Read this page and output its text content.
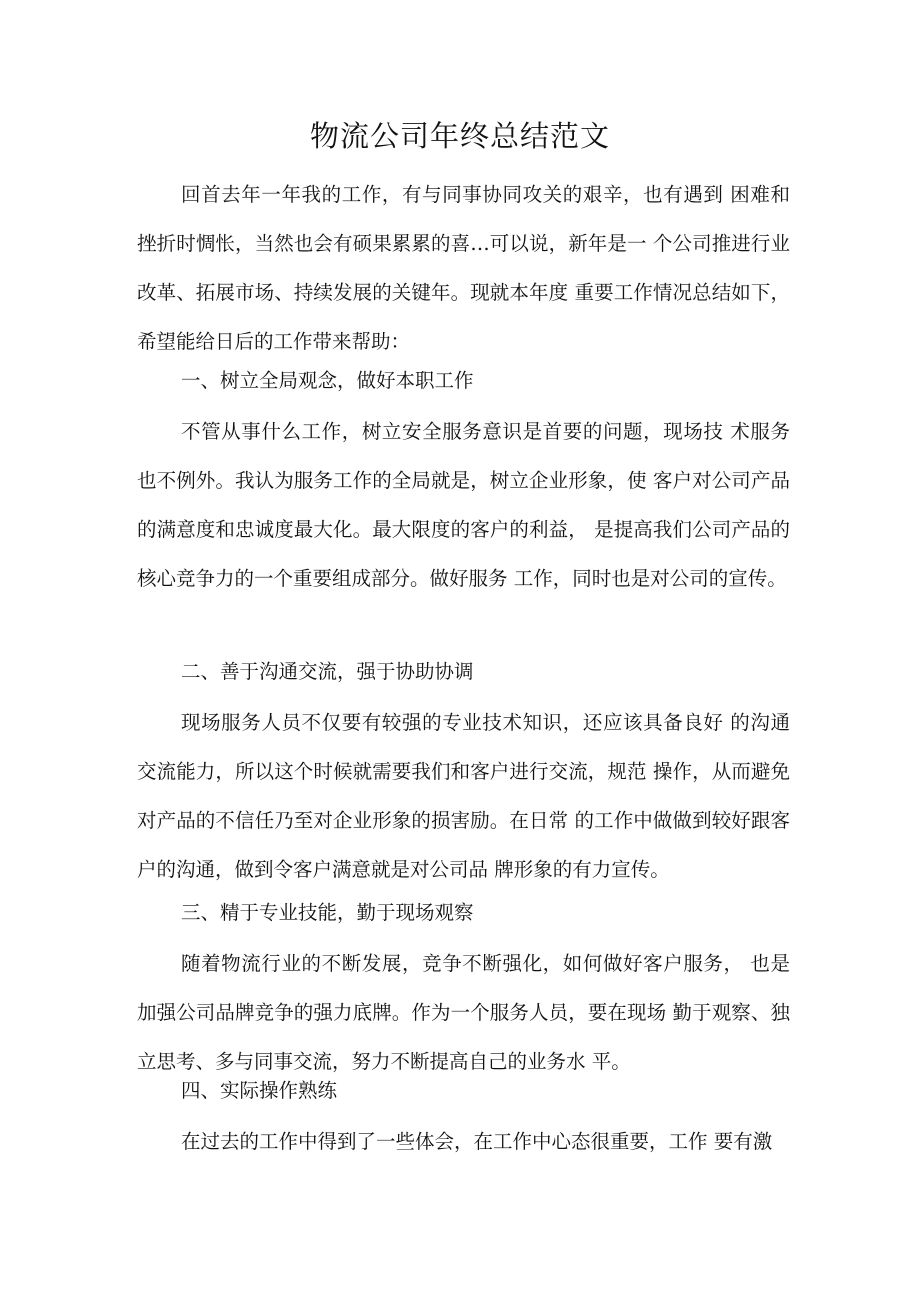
物流公司年终总结范文

回首去年一年我的工作，有与同事协同攻关的艰辛，也有遇到 困难和挫折时惆怅，当然也会有硕果累累的喜…可以说，新年是一 个公司推进行业改革、拓展市场、持续发展的关键年。现就本年度 重要工作情况总结如下，希望能给日后的工作带来帮助：

一、树立全局观念，做好本职工作

不管从事什么工作，树立安全服务意识是首要的问题，现场技 术服务也不例外。我认为服务工作的全局就是，树立企业形象，使 客户对公司产品的满意度和忠诚度最大化。最大限度的客户的利益， 是提高我们公司产品的核心竞争力的一个重要组成部分。做好服务 工作，同时也是对公司的宣传。

二、善于沟通交流，强于协助协调

现场服务人员不仅要有较强的专业技术知识，还应该具备良好 的沟通交流能力，所以这个时候就需要我们和客户进行交流，规范 操作，从而避免对产品的不信任乃至对企业形象的损害励。在日常 的工作中做做到较好跟客户的沟通，做到令客户满意就是对公司品 牌形象的有力宣传。

三、精于专业技能，勤于现场观察

随着物流行业的不断发展，竞争不断强化，如何做好客户服务， 也是加强公司品牌竞争的强力底牌。作为一个服务人员，要在现场 勤于观察、独立思考、多与同事交流，努力不断提高自己的业务水 平。

四、实际操作熟练

在过去的工作中得到了一些体会，在工作中心态很重要，工作 要有激
